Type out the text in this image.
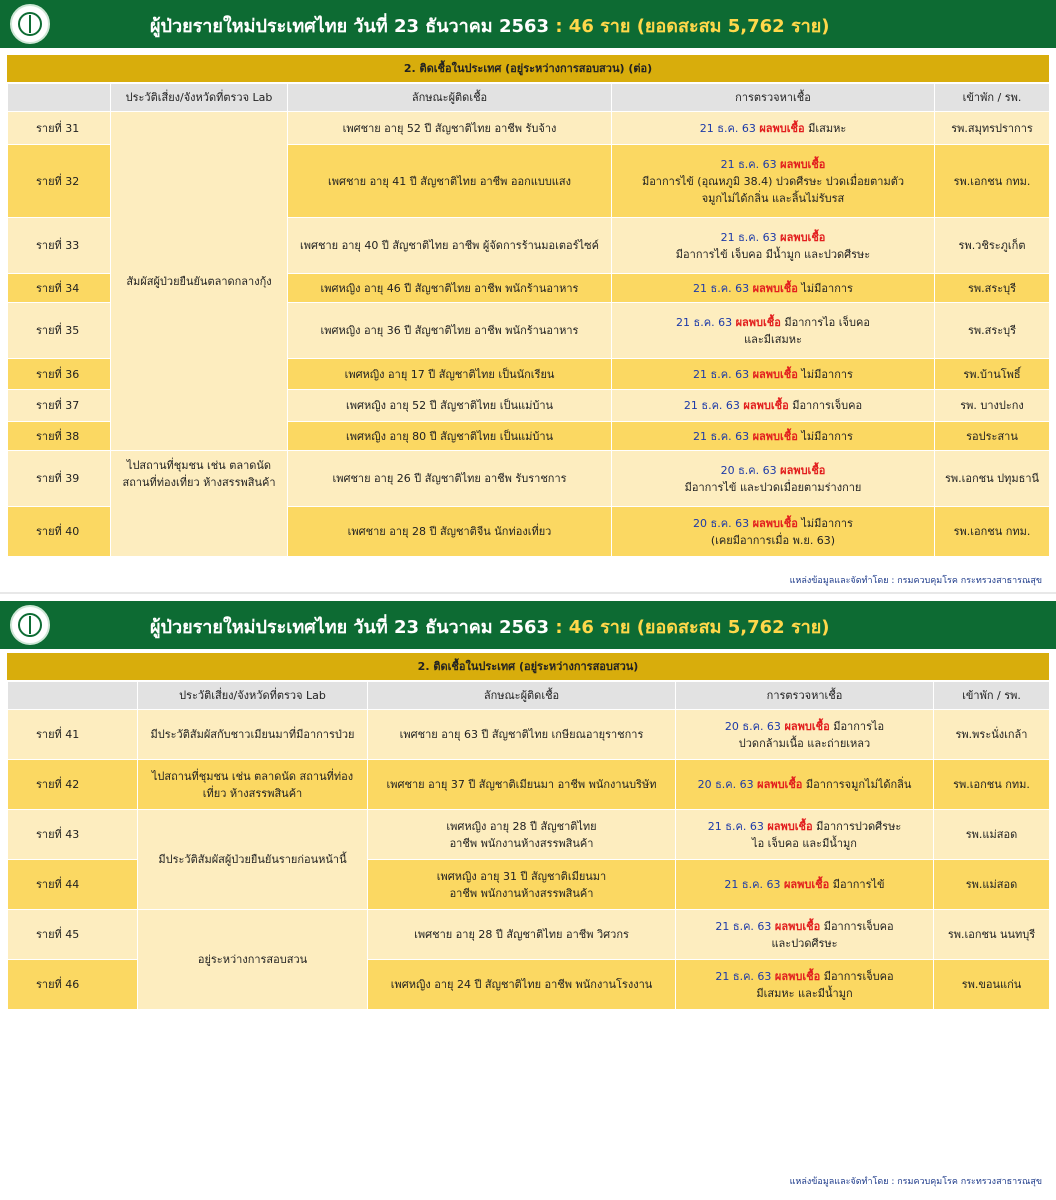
ผู้ป่วยรายใหม่ประเทศไทย วันที่ 23 ธันวาคม 2563 : 46 ราย (ยอดสะสม 5,762 ราย)
2. ติดเชื้อในประเทศ (อยู่ระหว่างการสอบสวน) (ต่อ)
	ประวัติเสี่ยง/จังหวัดที่ตรวจ Lab	ลักษณะผู้ติดเชื้อ	การตรวจหาเชื้อ	เข้าพัก / รพ.
รายที่ 31	สัมผัสผู้ป่วยยืนยันตลาดกลางกุ้ง	เพศชาย อายุ 52 ปี สัญชาติไทย อาชีพ รับจ้าง	21 ธ.ค. 63 ผลพบเชื้อ มีเสมหะ	รพ.สมุทรปราการ
รายที่ 32		เพศชาย อายุ 41 ปี สัญชาติไทย อาชีพ ออกแบบแสง	21 ธ.ค. 63 ผลพบเชื้อ
มีอาการไข้ (อุณหภูมิ 38.4) ปวดศีรษะ ปวดเมื่อยตามตัว
จมูกไม่ได้กลิ่น และลิ้นไม่รับรส	รพ.เอกชน กทม.
รายที่ 33		เพศชาย อายุ 40 ปี สัญชาติไทย อาชีพ ผู้จัดการร้านมอเตอร์ไซค์	21 ธ.ค. 63 ผลพบเชื้อ
มีอาการไข้ เจ็บคอ มีน้ำมูก และปวดศีรษะ	รพ.วชิระภูเก็ต
รายที่ 34		เพศหญิง อายุ 46 ปี สัญชาติไทย อาชีพ พนักร้านอาหาร	21 ธ.ค. 63 ผลพบเชื้อ ไม่มีอาการ	รพ.สระบุรี
รายที่ 35		เพศหญิง อายุ 36 ปี สัญชาติไทย อาชีพ พนักร้านอาหาร	21 ธ.ค. 63 ผลพบเชื้อ มีอาการไอ เจ็บคอ
และมีเสมหะ	รพ.สระบุรี
รายที่ 36		เพศหญิง อายุ 17 ปี สัญชาติไทย เป็นนักเรียน	21 ธ.ค. 63 ผลพบเชื้อ ไม่มีอาการ	รพ.บ้านโพธิ์
รายที่ 37		เพศหญิง อายุ 52 ปี สัญชาติไทย เป็นแม่บ้าน	21 ธ.ค. 63 ผลพบเชื้อ มีอาการเจ็บคอ	รพ. บางปะกง
รายที่ 38		เพศหญิง อายุ 80 ปี สัญชาติไทย เป็นแม่บ้าน	21 ธ.ค. 63 ผลพบเชื้อ ไม่มีอาการ	รอประสาน
รายที่ 39	ไปสถานที่ชุมชน เช่น ตลาดนัด สถานที่ท่องเที่ยว ห้างสรรพสินค้า	เพศชาย อายุ 26 ปี สัญชาติไทย อาชีพ รับราชการ	20 ธ.ค. 63 ผลพบเชื้อ
มีอาการไข้ และปวดเมื่อยตามร่างกาย	รพ.เอกชน ปทุมธานี
รายที่ 40		เพศชาย อายุ 28 ปี สัญชาติจีน นักท่องเที่ยว	20 ธ.ค. 63 ผลพบเชื้อ ไม่มีอาการ
(เคยมีอาการเมื่อ พ.ย. 63)	รพ.เอกชน กทม.
แหล่งข้อมูลและจัดทำโดย : กรมควบคุมโรค กระทรวงสาธารณสุข
ผู้ป่วยรายใหม่ประเทศไทย วันที่ 23 ธันวาคม 2563 : 46 ราย (ยอดสะสม 5,762 ราย)
2. ติดเชื้อในประเทศ (อยู่ระหว่างการสอบสวน)
	ประวัติเสี่ยง/จังหวัดที่ตรวจ Lab	ลักษณะผู้ติดเชื้อ	การตรวจหาเชื้อ	เข้าพัก / รพ.
รายที่ 41	มีประวัติสัมผัสกับชาวเมียนมาที่มีอาการป่วย	เพศชาย อายุ 63 ปี สัญชาติไทย เกษียณอายุราชการ	20 ธ.ค. 63 ผลพบเชื้อ มีอาการไอ
ปวดกล้ามเนื้อ และถ่ายเหลว	รพ.พระนั่งเกล้า
รายที่ 42	ไปสถานที่ชุมชน เช่น ตลาดนัด สถานที่ท่องเที่ยว ห้างสรรพสินค้า	เพศชาย อายุ 37 ปี สัญชาติเมียนมา อาชีพ พนักงานบริษัท	20 ธ.ค. 63 ผลพบเชื้อ มีอาการจมูกไม่ได้กลิ่น	รพ.เอกชน กทม.
รายที่ 43	มีประวัติสัมผัสผู้ป่วยยืนยันรายก่อนหน้านี้	เพศหญิง อายุ 28 ปี สัญชาติไทย
อาชีพ พนักงานห้างสรรพสินค้า	21 ธ.ค. 63 ผลพบเชื้อ มีอาการปวดศีรษะ
ไอ เจ็บคอ และมีน้ำมูก	รพ.แม่สอด
รายที่ 44		เพศหญิง อายุ 31 ปี สัญชาติเมียนมา
อาชีพ พนักงานห้างสรรพสินค้า	21 ธ.ค. 63 ผลพบเชื้อ มีอาการไข้	รพ.แม่สอด
รายที่ 45	อยู่ระหว่างการสอบสวน	เพศชาย อายุ 28 ปี สัญชาติไทย อาชีพ วิศวกร	21 ธ.ค. 63 ผลพบเชื้อ มีอาการเจ็บคอ
และปวดศีรษะ	รพ.เอกชน นนทบุรี
รายที่ 46		เพศหญิง อายุ 24 ปี สัญชาติไทย อาชีพ พนักงานโรงงาน	21 ธ.ค. 63 ผลพบเชื้อ มีอาการเจ็บคอ
มีเสมหะ และมีน้ำมูก	รพ.ขอนแก่น
แหล่งข้อมูลและจัดทำโดย : กรมควบคุมโรค กระทรวงสาธารณสุข
